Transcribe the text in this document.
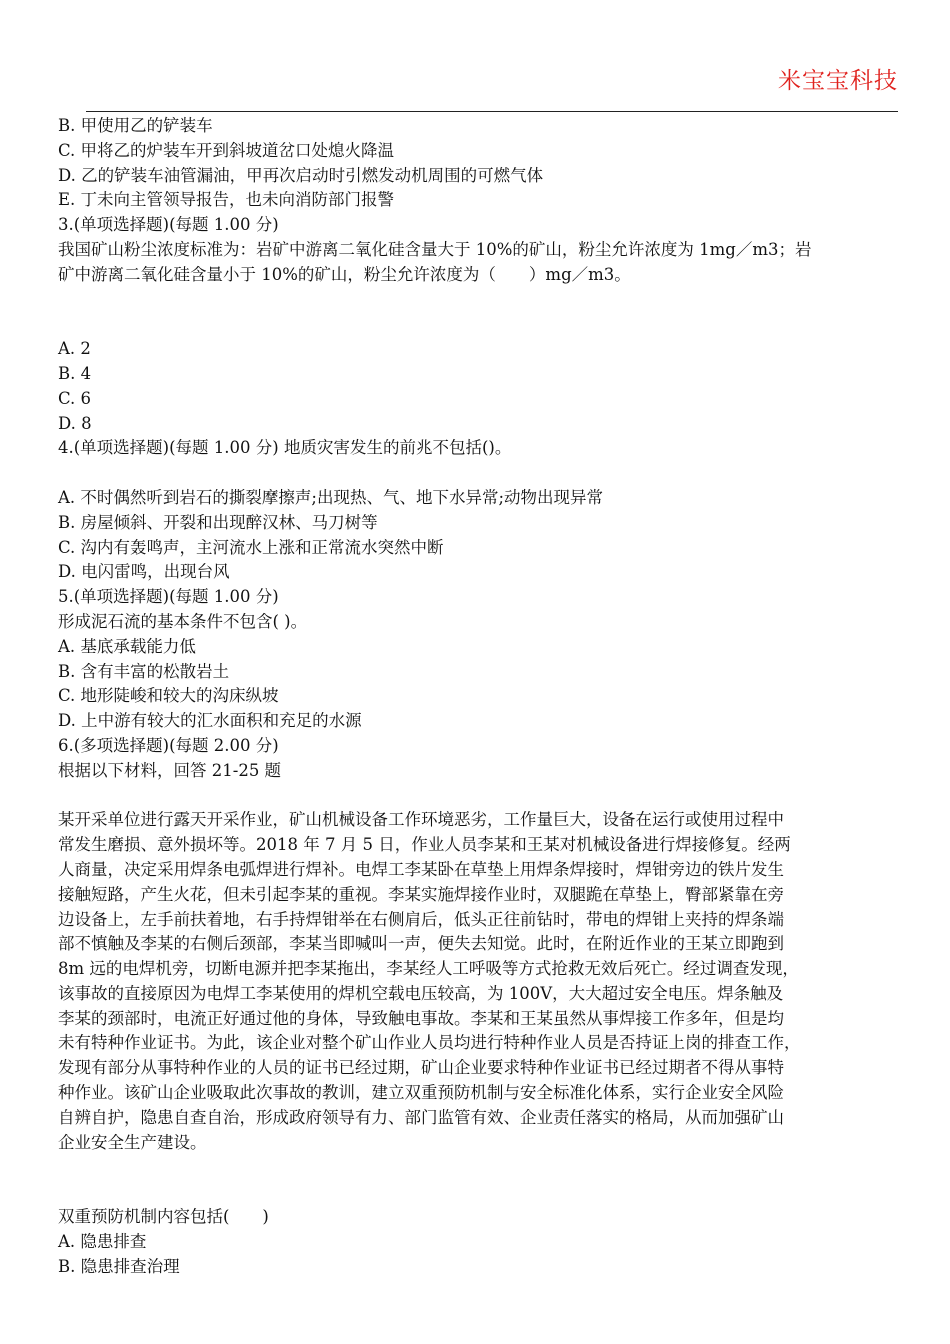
米宝宝科技
B. 甲使用乙的铲装车
C. 甲将乙的炉装车开到斜坡道岔口处熄火降温
D. 乙的铲装车油管漏油，甲再次启动时引燃发动机周围的可燃气体
E. 丁未向主管领导报告，也未向消防部门报警
3.(单项选择题)(每题 1.00 分)
我国矿山粉尘浓度标准为：岩矿中游离二氧化硅含量大于 10%的矿山，粉尘允许浓度为 1mg／m3；岩
矿中游离二氧化硅含量小于 10%的矿山，粉尘允许浓度为（　　）mg／m3。
A. 2
B. 4
C. 6
D. 8
4.(单项选择题)(每题 1.00 分) 地质灾害发生的前兆不包括()。
A. 不时偶然听到岩石的撕裂摩擦声;出现热、气、地下水异常;动物出现异常
B. 房屋倾斜、开裂和出现醉汉林、马刀树等
C. 沟内有轰鸣声，主河流水上涨和正常流水突然中断
D. 电闪雷鸣，出现台风
5.(单项选择题)(每题 1.00 分)
形成泥石流的基本条件不包含( )。
A. 基底承载能力低
B. 含有丰富的松散岩土
C. 地形陡峻和较大的沟床纵坡
D. 上中游有较大的汇水面积和充足的水源
6.(多项选择题)(每题 2.00 分)
根据以下材料，回答 21-25 题
某开采单位进行露天开采作业，矿山机械设备工作环境恶劣，工作量巨大，设备在运行或使用过程中
常发生磨损、意外损坏等。2018 年 7 月 5 日，作业人员李某和王某对机械设备进行焊接修复。经两
人商量，决定采用焊条电弧焊进行焊补。电焊工李某卧在草垫上用焊条焊接时，焊钳旁边的铁片发生
接触短路，产生火花，但未引起李某的重视。李某实施焊接作业时，双腿跪在草垫上，臀部紧靠在旁
边设备上，左手前扶着地，右手持焊钳举在右侧肩后，低头正往前钻时，带电的焊钳上夹持的焊条端
部不慎触及李某的右侧后颈部，李某当即喊叫一声，便失去知觉。此时，在附近作业的王某立即跑到
8m 远的电焊机旁，切断电源并把李某拖出，李某经人工呼吸等方式抢救无效后死亡。经过调查发现，
该事故的直接原因为电焊工李某使用的焊机空载电压较高，为 100V，大大超过安全电压。焊条触及
李某的颈部时，电流正好通过他的身体，导致触电事故。李某和王某虽然从事焊接工作多年，但是均
未有特种作业证书。为此，该企业对整个矿山作业人员均进行特种作业人员是否持证上岗的排查工作，
发现有部分从事特种作业的人员的证书已经过期，矿山企业要求特种作业证书已经过期者不得从事特
种作业。该矿山企业吸取此次事故的教训，建立双重预防机制与安全标准化体系，实行企业安全风险
自辨自护，隐患自查自治，形成政府领导有力、部门监管有效、企业责任落实的格局，从而加强矿山
企业安全生产建设。
双重预防机制内容包括(　　)
A. 隐患排查
B. 隐患排查治理
